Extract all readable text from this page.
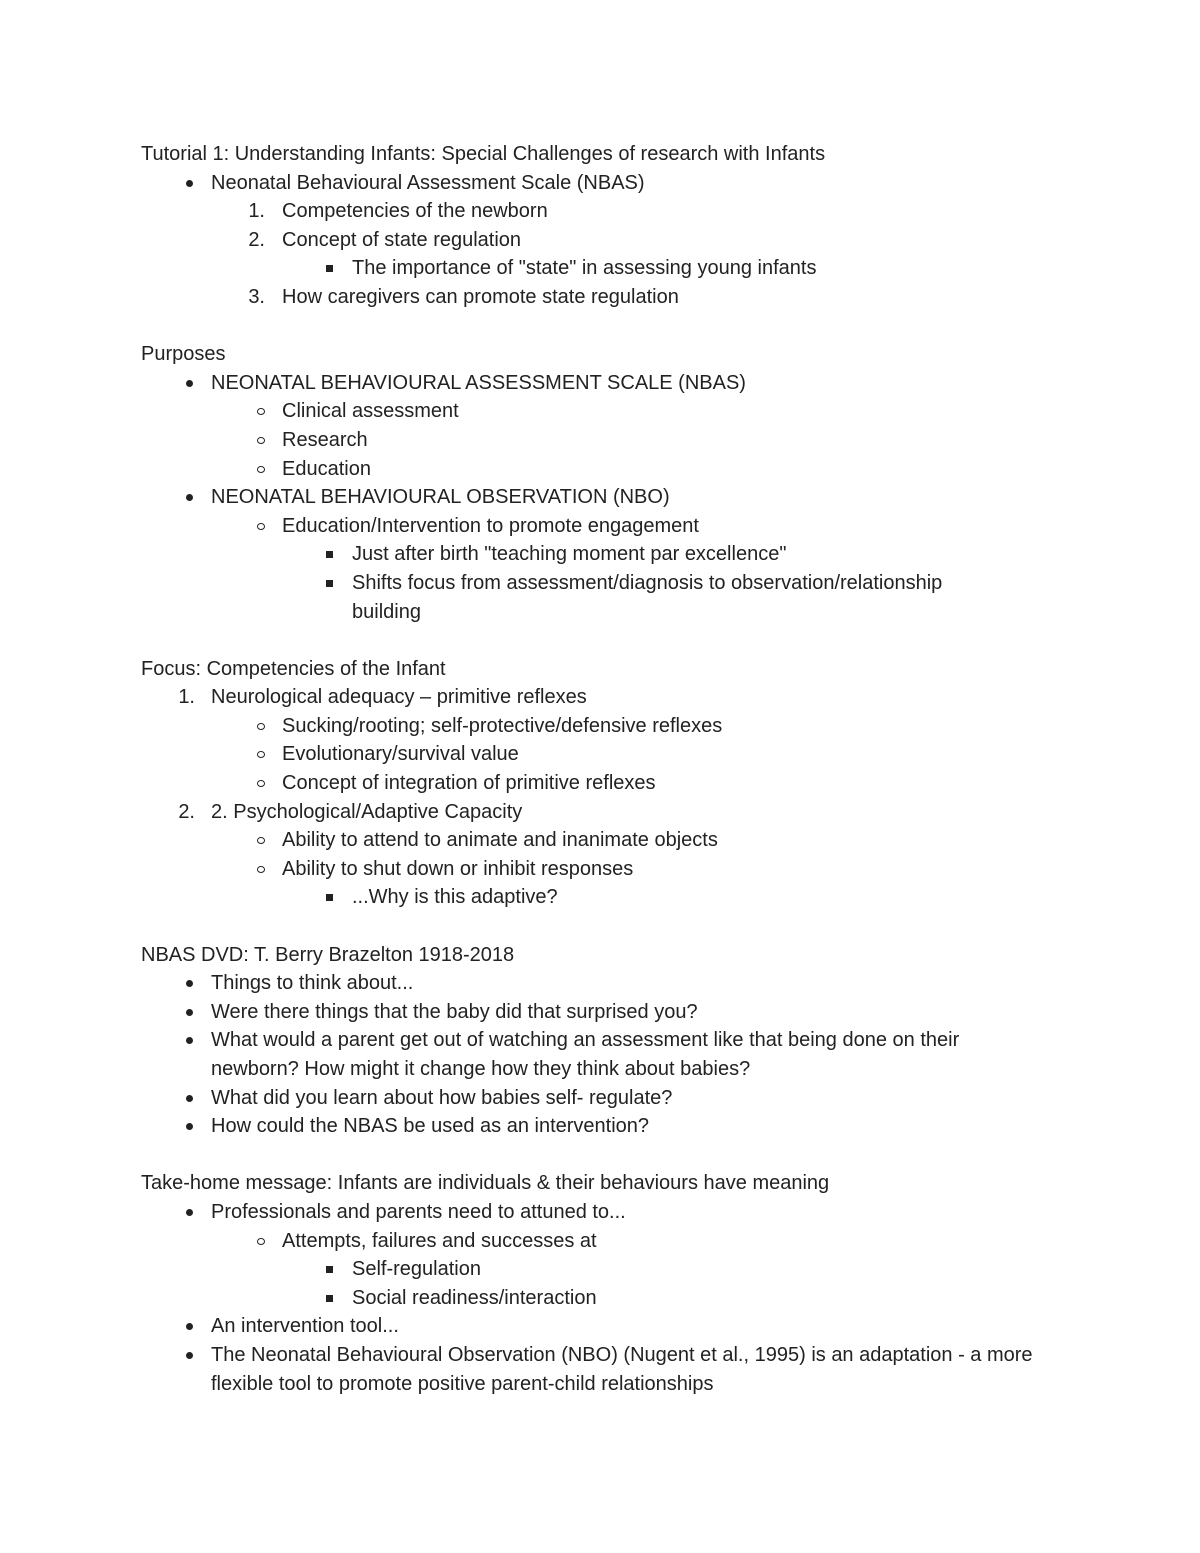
Tutorial 1: Understanding Infants: Special Challenges of research with Infants
Neonatal Behavioural Assessment Scale (NBAS)
1. Competencies of the newborn
2. Concept of state regulation
The importance of "state" in assessing young infants
3. How caregivers can promote state regulation
Purposes
NEONATAL BEHAVIOURAL ASSESSMENT SCALE (NBAS)
Clinical assessment
Research
Education
NEONATAL BEHAVIOURAL OBSERVATION (NBO)
Education/Intervention to promote engagement
Just after birth "teaching moment par excellence"
Shifts focus from assessment/diagnosis to observation/relationship building
Focus: Competencies of the Infant
1. Neurological adequacy – primitive reflexes
Sucking/rooting; self-protective/defensive reflexes
Evolutionary/survival value
Concept of integration of primitive reflexes
2. 2. Psychological/Adaptive Capacity
Ability to attend to animate and inanimate objects
Ability to shut down or inhibit responses
...Why is this adaptive?
NBAS DVD: T. Berry Brazelton 1918-2018
Things to think about...
Were there things that the baby did that surprised you?
What would a parent get out of watching an assessment like that being done on their newborn? How might it change how they think about babies?
What did you learn about how babies self- regulate?
How could the NBAS be used as an intervention?
Take-home message: Infants are individuals & their behaviours have meaning
Professionals and parents need to attuned to...
Attempts, failures and successes at
Self-regulation
Social readiness/interaction
An intervention tool...
The Neonatal Behavioural Observation (NBO) (Nugent et al., 1995) is an adaptation - a more flexible tool to promote positive parent-child relationships
